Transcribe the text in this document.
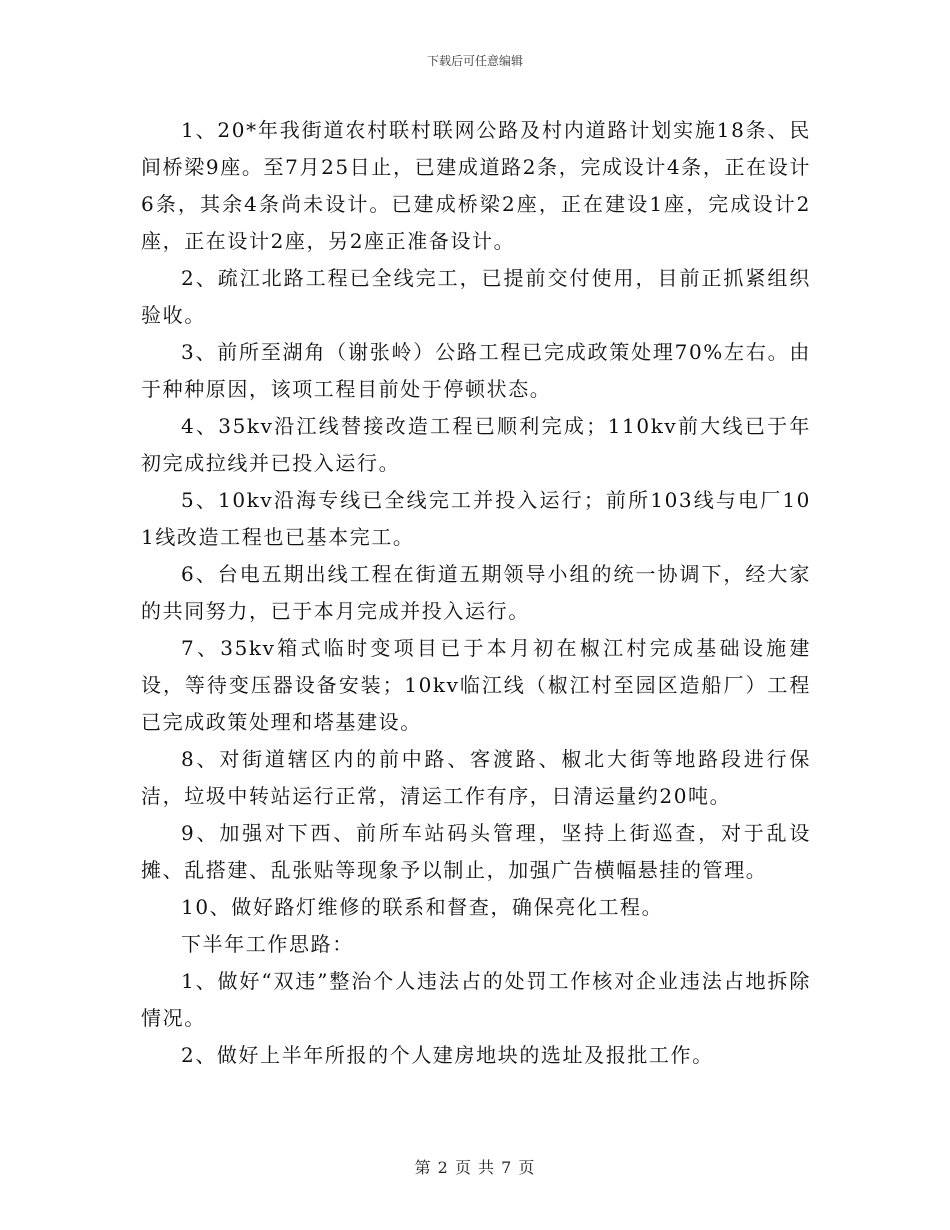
下载后可任意编辑

1、20*年我街道农村联村联网公路及村内道路计划实施18条、民间桥梁9座。至7月25日止，已建成道路2条，完成设计4条，正在设计6条，其余4条尚未设计。已建成桥梁2座，正在建设1座，完成设计2座，正在设计2座，另2座正准备设计。

2、疏江北路工程已全线完工，已提前交付使用，目前正抓紧组织验收。

3、前所至湖角（谢张岭）公路工程已完成政策处理70%左右。由于种种原因，该项工程目前处于停顿状态。

4、35kv沿江线替接改造工程已顺利完成；110kv前大线已于年初完成拉线并已投入运行。

5、10kv沿海专线已全线完工并投入运行；前所103线与电厂101线改造工程也已基本完工。

6、台电五期出线工程在街道五期领导小组的统一协调下，经大家的共同努力，已于本月完成并投入运行。

7、35kv箱式临时变项目已于本月初在椒江村完成基础设施建设，等待变压器设备安装；10kv临江线（椒江村至园区造船厂）工程已完成政策处理和塔基建设。

8、对街道辖区内的前中路、客渡路、椒北大街等地路段进行保洁，垃圾中转站运行正常，清运工作有序，日清运量约20吨。

9、加强对下西、前所车站码头管理，坚持上街巡查，对于乱设摊、乱搭建、乱张贴等现象予以制止，加强广告横幅悬挂的管理。

10、做好路灯维修的联系和督查，确保亮化工程。

下半年工作思路：

1、做好“双违”整治个人违法占的处罚工作核对企业违法占地拆除情况。

2、做好上半年所报的个人建房地块的选址及报批工作。

第 2 页 共 7 页
